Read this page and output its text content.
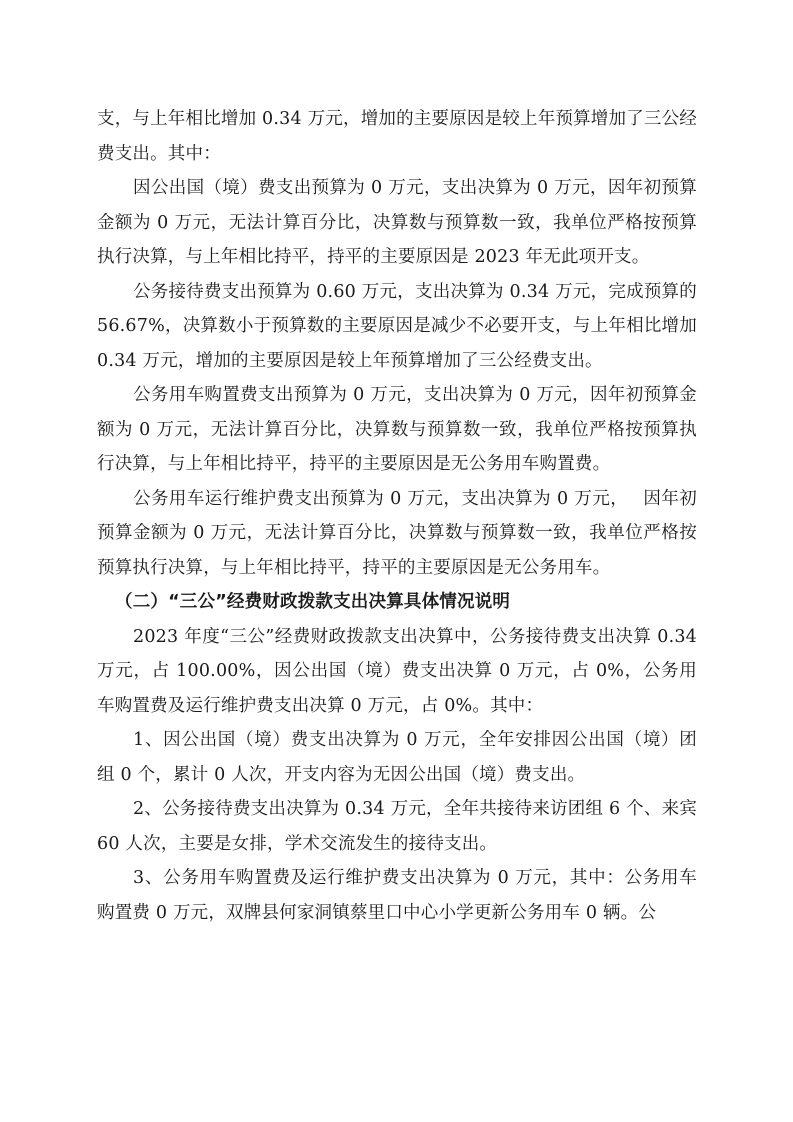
支，与上年相比增加 0.34 万元，增加的主要原因是较上年预算增加了三公经费支出。其中：

因公出国（境）费支出预算为 0 万元，支出决算为 0 万元，因年初预算金额为 0 万元，无法计算百分比，决算数与预算数一致，我单位严格按预算执行决算，与上年相比持平，持平的主要原因是 2023 年无此项开支。

公务接待费支出预算为 0.60 万元，支出决算为 0.34 万元，完成预算的 56.67%，决算数小于预算数的主要原因是减少不必要开支，与上年相比增加 0.34 万元，增加的主要原因是较上年预算增加了三公经费支出。

公务用车购置费支出预算为 0 万元，支出决算为 0 万元，因年初预算金额为 0 万元，无法计算百分比，决算数与预算数一致，我单位严格按预算执行决算，与上年相比持平，持平的主要原因是无公务用车购置费。

公务用车运行维护费支出预算为 0 万元，支出决算为 0 万元，　 因年初预算金额为 0 万元，无法计算百分比，决算数与预算数一致，我单位严格按预算执行决算，与上年相比持平，持平的主要原因是无公务用车。

（二）“三公”经费财政拨款支出决算具体情况说明

2023 年度“三公”经费财政拨款支出决算中，公务接待费支出决算 0.34 万元，占 100.00%，因公出国（境）费支出决算 0 万元，占 0%，公务用车购置费及运行维护费支出决算 0 万元，占 0%。其中：

1、因公出国（境）费支出决算为 0 万元，全年安排因公出国（境）团组 0 个，累计 0 人次，开支内容为无因公出国（境）费支出。

2、公务接待费支出决算为 0.34 万元，全年共接待来访团组 6 个、来宾 60 人次，主要是女排，学术交流发生的接待支出。

3、公务用车购置费及运行维护费支出决算为 0 万元，其中：公务用车购置费 0 万元，双牌县何家洞镇蔡里口中心小学更新公务用车 0 辆。公
